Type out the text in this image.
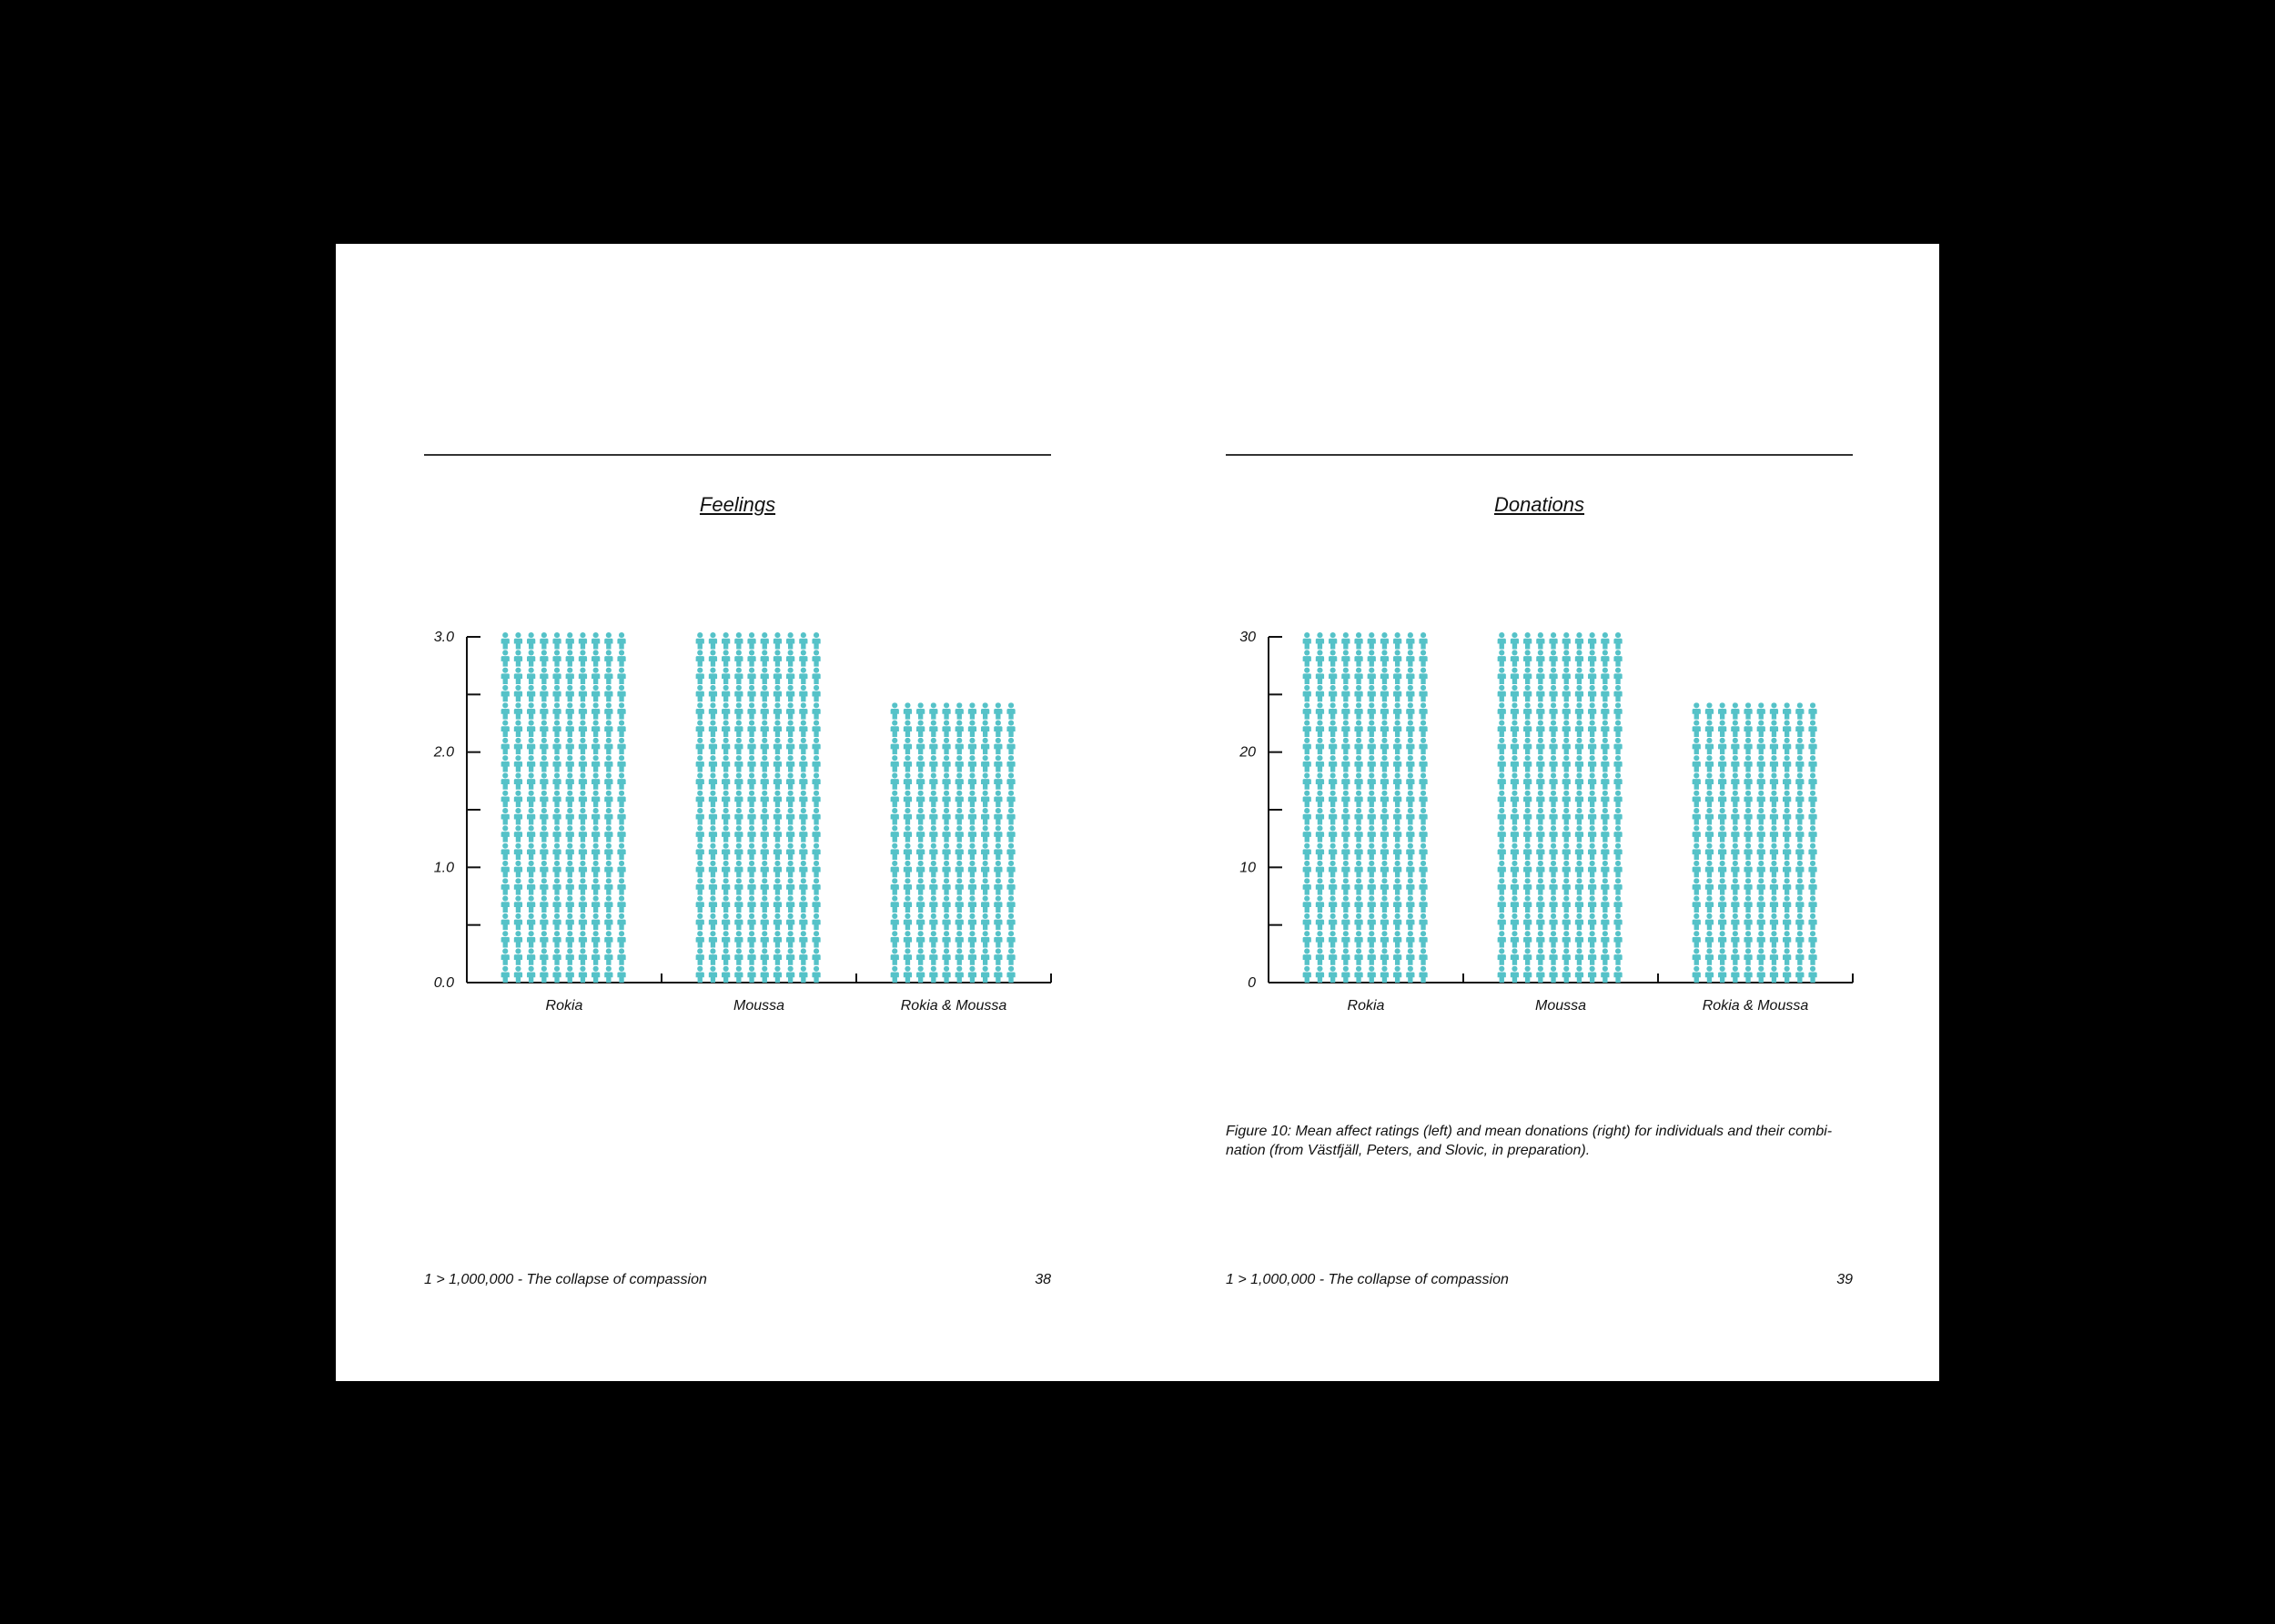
Feelings
0.0
1.0
2.0
3.0
Rokia	Moussa	Rokia & Moussa
1 > 1,000,000 - The collapse of compassion	38
Donations
0
10
20
30
Rokia	Moussa	Rokia & Moussa
Figure 10: Mean affect ratings (left) and mean donations (right) for individuals and their combi-
nation (from Västfjäll, Peters, and Slovic, in preparation).
1 > 1,000,000 - The collapse of compassion	39
